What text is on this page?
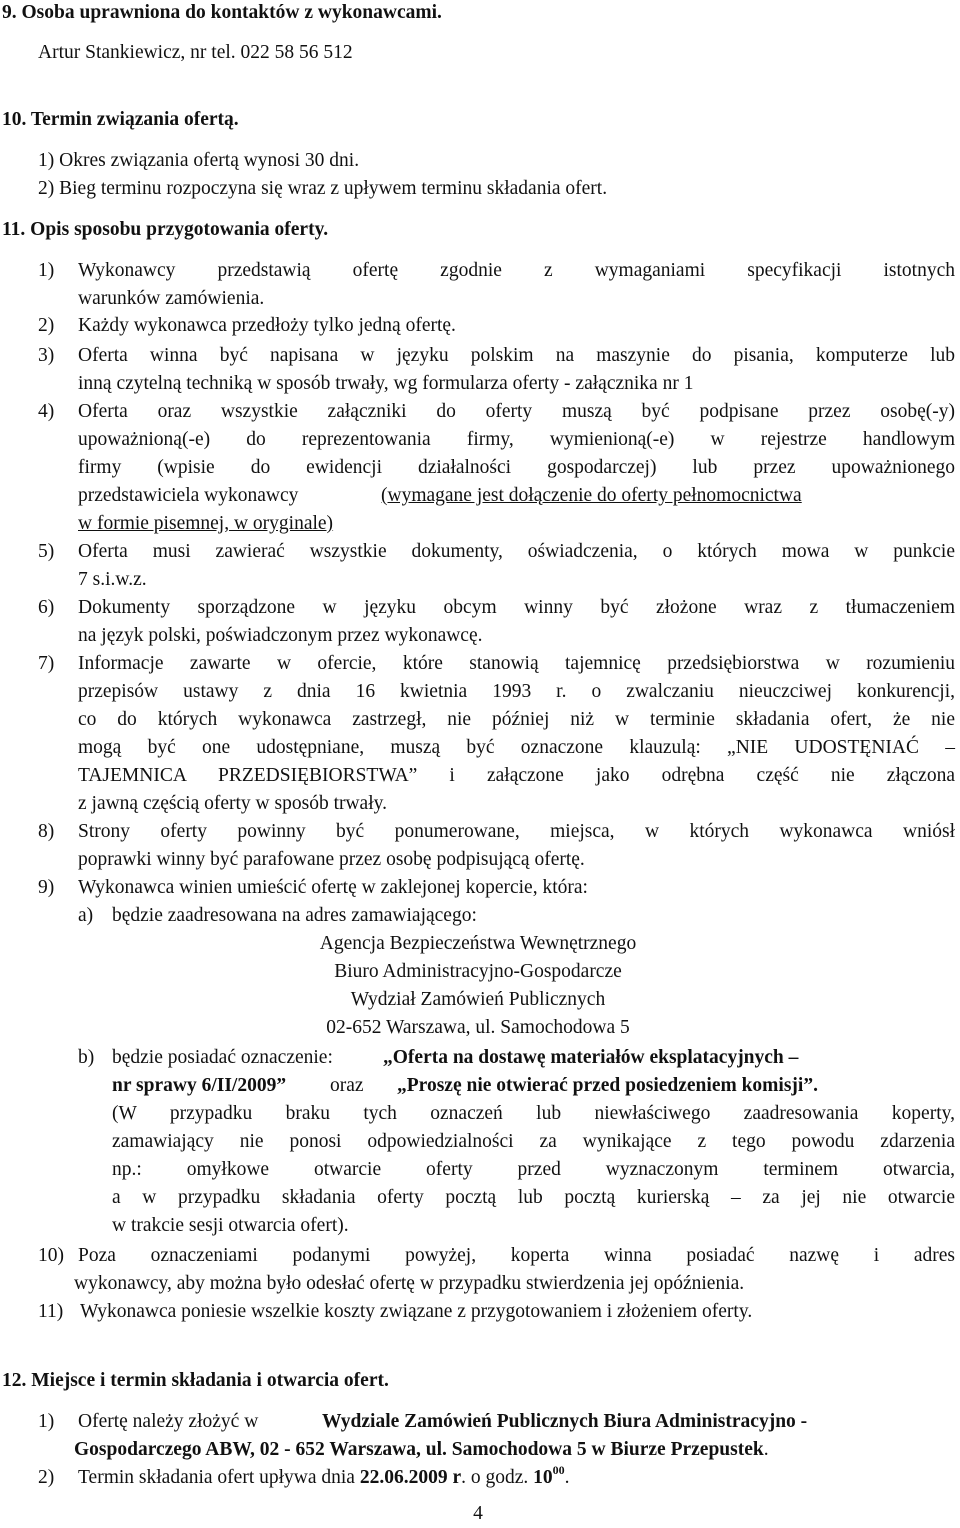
9. Osoba uprawniona do kontaktów z wykonawcami.
Artur Stankiewicz, nr tel. 022 58 56 512
10. Termin związania ofertą.
1) Okres związania ofertą wynosi 30 dni.
2) Bieg terminu rozpoczyna się wraz z upływem terminu składania ofert.
11. Opis sposobu przygotowania oferty.
1) Wykonawcy przedstawią ofertę zgodnie z wymaganiami specyfikacji istotnych
warunków zamówienia.
2) Każdy wykonawca przedłoży tylko jedną ofertę.
3) Oferta winna być napisana w języku polskim na maszynie do pisania, komputerze lub
inną czytelną techniką w sposób trwały, wg formularza oferty - załącznika nr 1
4) Oferta oraz wszystkie załączniki do oferty muszą być podpisane przez osobę(-y)
upoważnioną(-e) do reprezentowania firmy, wymienioną(-e) w rejestrze handlowym
firmy (wpisie do ewidencji działalności gospodarczej) lub przez upoważnionego
przedstawiciela wykonawcy	(wymagane jest dołączenie do oferty pełnomocnictwa
w formie pisemnej, w oryginale)
5) Oferta musi zawierać wszystkie dokumenty, oświadczenia, o których mowa w punkcie
7 s.i.w.z.
6) Dokumenty sporządzone w języku obcym winny być złożone wraz z tłumaczeniem
na język polski, poświadczonym przez wykonawcę.
7) Informacje zawarte w ofercie, które stanowią tajemnicę przedsiębiorstwa w rozumieniu
przepisów ustawy z dnia 16 kwietnia 1993 r. o zwalczaniu nieuczciwej konkurencji,
co do których wykonawca zastrzegł, nie później niż w terminie składania ofert, że nie
mogą być one udostępniane, muszą być oznaczone klauzulą: „NIE UDOSTĘNIAĆ –
TAJEMNICA PRZEDSIĘBIORSTWA” i załączone jako odrębna część nie złączona
z jawną częścią oferty w sposób trwały.
8) Strony oferty powinny być ponumerowane, miejsca, w których wykonawca wniósł
poprawki winny być parafowane przez osobę podpisującą ofertę.
9) Wykonawca winien umieścić ofertę w zaklejonej kopercie, która:
a) będzie zaadresowana na adres zamawiającego:
Agencja Bezpieczeństwa Wewnętrznego
Biuro Administracyjno-Gospodarcze
Wydział Zamówień Publicznych
02-652 Warszawa, ul. Samochodowa 5
b) będzie posiadać oznaczenie:	„Oferta na dostawę materiałów eksplatacyjnych –
nr sprawy 6/II/2009” oraz „Proszę nie otwierać przed posiedzeniem komisji”.
(W przypadku braku tych oznaczeń lub niewłaściwego zaadresowania koperty,
zamawiający nie ponosi odpowiedzialności za wynikające z tego powodu zdarzenia
np.: omyłkowe otwarcie oferty przed wyznaczonym terminem otwarcia,
a w przypadku składania oferty pocztą lub pocztą kurierską – za jej nie otwarcie
w trakcie sesji otwarcia ofert).
10) Poza oznaczeniami podanymi powyżej, koperta winna posiadać nazwę i adres
wykonawcy, aby można było odesłać ofertę w przypadku stwierdzenia jej opóźnienia.
11) Wykonawca poniesie wszelkie koszty związane z przygotowaniem i złożeniem oferty.
12. Miejsce i termin składania i otwarcia ofert.
1) Ofertę należy złożyć w	Wydziale Zamówień Publicznych Biura Administracyjno -
Gospodarczego ABW, 02 - 652 Warszawa, ul. Samochodowa 5 w Biurze Przepustek.
2) Termin składania ofert upływa dnia 22.06.2009 r. o godz. $10^{00}$.
4
